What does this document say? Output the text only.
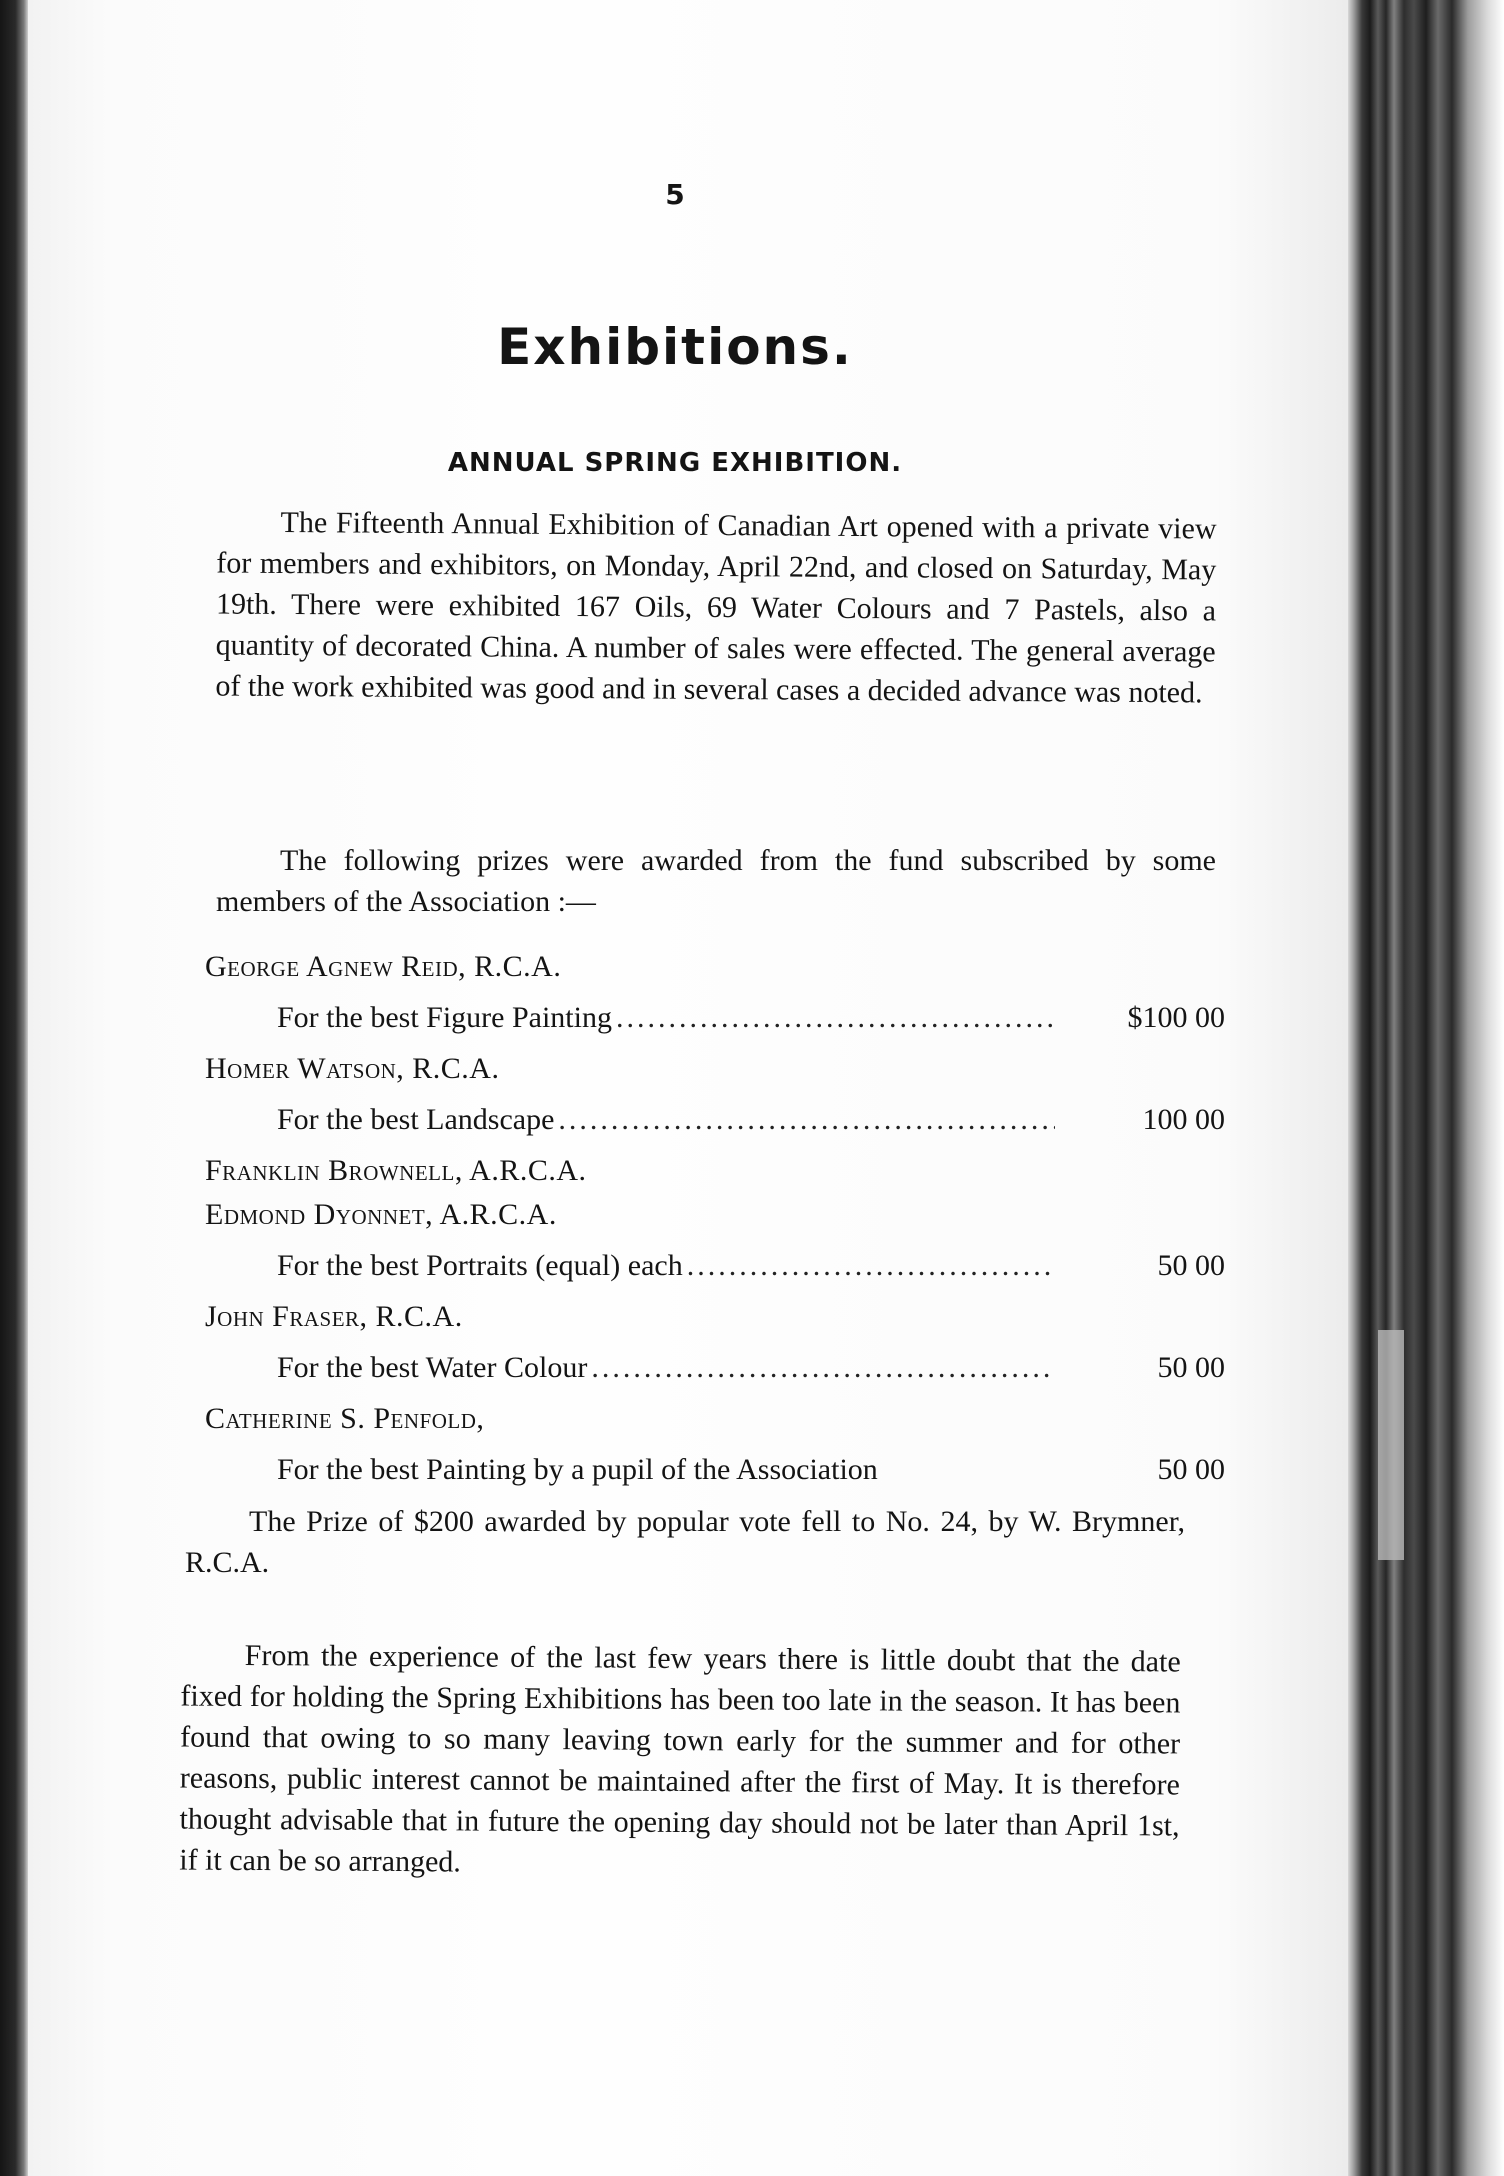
5
Exhibitions.
ANNUAL SPRING EXHIBITION.

The Fifteenth Annual Exhibition of Canadian Art opened with a private view for members and exhibitors, on Monday, April 22nd, and closed on Saturday, May 19th. There were exhibited 167 Oils, 69 Water Colours and 7 Pastels, also a quantity of decorated China. A number of sales were effected. The general average of the work exhibited was good and in several cases a decided advance was noted.

The following prizes were awarded from the fund subscribed by some members of the Association :—

George Agnew Reid, R.C.A.
For the best Figure Painting .....	$100 00
Homer Watson, R.C.A.
For the best Landscape .....	100 00
Franklin Brownell, A.R.C.A.
Edmond Dyonnet, A.R.C.A.
For the best Portraits (equal) each .....	50 00
John Fraser, R.C.A.
For the best Water Colour .....	50 00
Catherine S. Penfold,
For the best Painting by a pupil of the Association	50 00

The Prize of $200 awarded by popular vote fell to No. 24, by W. Brymner, R.C.A.

From the experience of the last few years there is little doubt that the date fixed for holding the Spring Exhibitions has been too late in the season. It has been found that owing to so many leaving town early for the summer and for other reasons, public interest cannot be maintained after the first of May. It is therefore thought advisable that in future the opening day should not be later than April 1st, if it can be so arranged.
